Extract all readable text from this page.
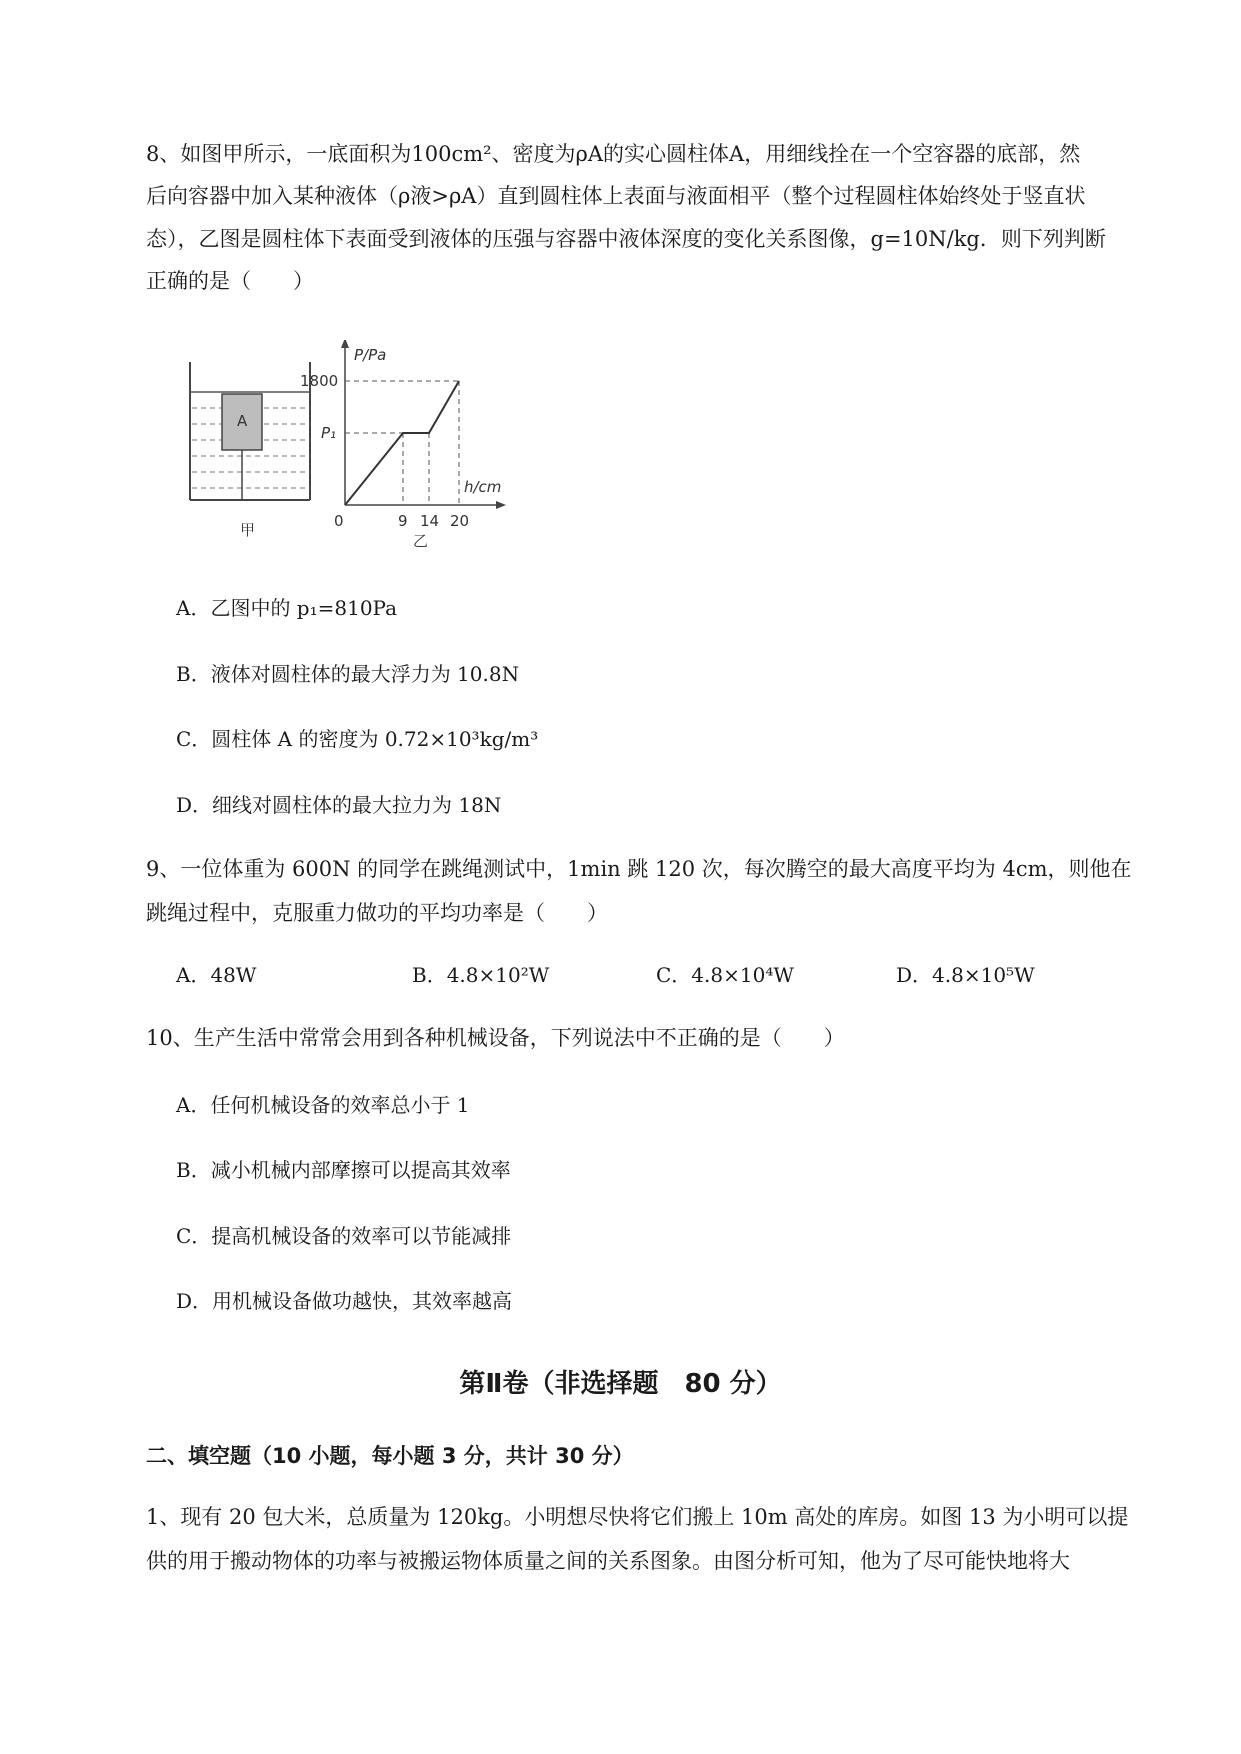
8、如图甲所示，一底面积为100cm²、密度为ρA的实心圆柱体A，用细线拴在一个空容器的底部，然

后向容器中加入某种液体（ρ液>ρA）直到圆柱体上表面与液面相平（整个过程圆柱体始终处于竖直状

态），乙图是圆柱体下表面受到液体的压强与容器中液体深度的变化关系图像，g=10N/kg．则下列判断

正确的是（　　）

A
甲
P/Pa
h/cm
1800
P₁
0	9 14 20
乙

A．乙图中的 p₁=810Pa

B．液体对圆柱体的最大浮力为 10.8N

C．圆柱体 A 的密度为 0.72×10³kg/m³

D．细线对圆柱体的最大拉力为 18N

9、一位体重为 600N 的同学在跳绳测试中，1min 跳 120 次，每次腾空的最大高度平均为 4cm，则他在

跳绳过程中，克服重力做功的平均功率是（　　）

A．48W	B．4.8×10²W	C．4.8×10⁴W	D．4.8×10⁵W

10、生产生活中常常会用到各种机械设备，下列说法中不正确的是（　　）

A．任何机械设备的效率总小于 1

B．减小机械内部摩擦可以提高其效率

C．提高机械设备的效率可以节能减排

D．用机械设备做功越快，其效率越高

第Ⅱ卷（非选择题　80 分）
二、填空题（10 小题，每小题 3 分，共计 30 分）

1、现有 20 包大米，总质量为 120kg。小明想尽快将它们搬上 10m 高处的库房。如图 13 为小明可以提

供的用于搬动物体的功率与被搬运物体质量之间的关系图象。由图分析可知，他为了尽可能快地将大
